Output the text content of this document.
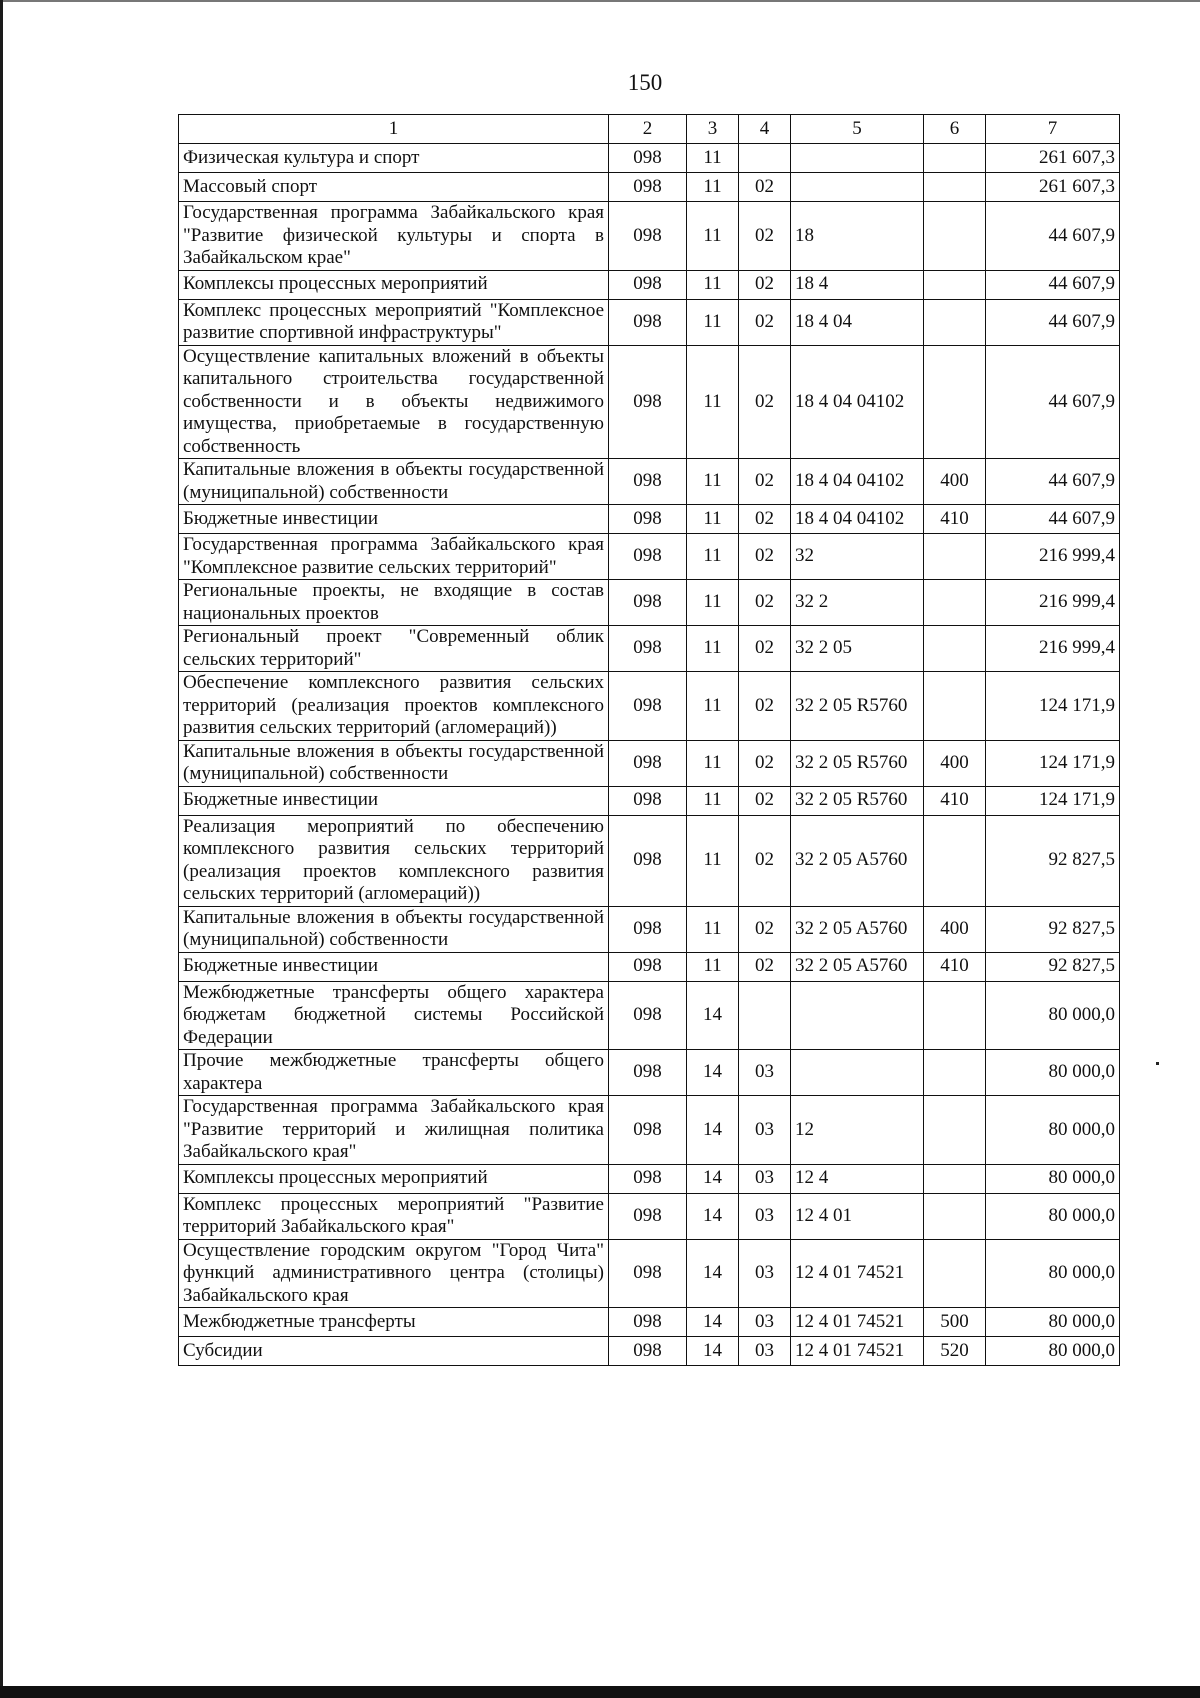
150
1	2	3	4	5	6	7
Физическая культура и спорт	098	11				261 607,3
Массовый спорт	098	11	02			261 607,3
Государственная программа Забайкальского края "Развитие физической культуры и спорта в Забайкальском крае"	098	11	02	18		44 607,9
Комплексы процессных мероприятий	098	11	02	18 4		44 607,9
Комплекс процессных мероприятий "Комплексное развитие спортивной инфраструктуры"	098	11	02	18 4 04		44 607,9
Осуществление капитальных вложений в объекты капитального строительства государственной собственности и в объекты недвижимого имущества, приобретаемые в государственную собственность	098	11	02	18 4 04 04102		44 607,9
Капитальные вложения в объекты государственной (муниципальной) собственности	098	11	02	18 4 04 04102	400	44 607,9
Бюджетные инвестиции	098	11	02	18 4 04 04102	410	44 607,9
Государственная программа Забайкальского края "Комплексное развитие сельских территорий"	098	11	02	32		216 999,4
Региональные проекты, не входящие в состав национальных проектов	098	11	02	32 2		216 999,4
Региональный проект "Современный облик сельских территорий"	098	11	02	32 2 05		216 999,4
Обеспечение комплексного развития сельских территорий (реализация проектов комплексного развития сельских территорий (агломераций))	098	11	02	32 2 05 R5760		124 171,9
Капитальные вложения в объекты государственной (муниципальной) собственности	098	11	02	32 2 05 R5760	400	124 171,9
Бюджетные инвестиции	098	11	02	32 2 05 R5760	410	124 171,9
Реализация мероприятий по обеспечению комплексного развития сельских территорий (реализация проектов комплексного развития сельских территорий (агломераций))	098	11	02	32 2 05 A5760		92 827,5
Капитальные вложения в объекты государственной (муниципальной) собственности	098	11	02	32 2 05 A5760	400	92 827,5
Бюджетные инвестиции	098	11	02	32 2 05 A5760	410	92 827,5
Межбюджетные трансферты общего характера бюджетам бюджетной системы Российской Федерации	098	14				80 000,0
Прочие межбюджетные трансферты общего характера	098	14	03			80 000,0
Государственная программа Забайкальского края "Развитие территорий и жилищная политика Забайкальского края"	098	14	03	12		80 000,0
Комплексы процессных мероприятий	098	14	03	12 4		80 000,0
Комплекс процессных мероприятий "Развитие территорий Забайкальского края"	098	14	03	12 4 01		80 000,0
Осуществление городским округом "Город Чита" функций административного центра (столицы) Забайкальского края	098	14	03	12 4 01 74521		80 000,0
Межбюджетные трансферты	098	14	03	12 4 01 74521	500	80 000,0
Субсидии	098	14	03	12 4 01 74521	520	80 000,0
